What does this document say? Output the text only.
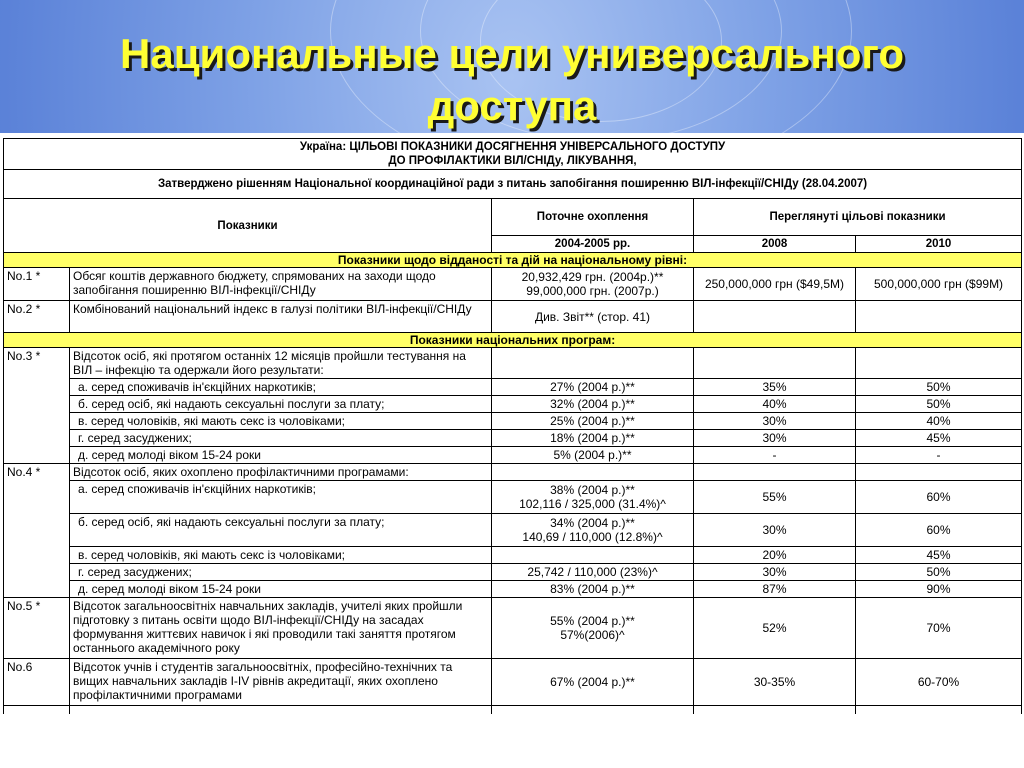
Национальные цели универсального
доступа
Україна: ЦІЛЬОВІ ПОКАЗНИКИ ДОСЯГНЕННЯ УНІВЕРСАЛЬНОГО ДОСТУПУ
ДО ПРОФІЛАКТИКИ ВІЛ/СНІДу, ЛІКУВАННЯ,				

Затверджено рішенням Національної координаційної ради з питань запобігання поширенню ВІЛ-інфекції/СНІДу (28.04.2007)				
Показники		Поточне охоплення	Переглянуті цільові показники	
		2004-2005 рр.	2008	2010
Показники щодо відданості та дій на національному рівні:				
No.1 *	Обсяг коштів державного бюджету, спрямованих на заходи щодо запобігання поширенню ВІЛ-інфекції/СНІДу	20,932,429 грн. (2004р.)**
99,000,000 грн. (2007р.)	250,000,000 грн ($49,5M)	500,000,000 грн ($99M)
No.2 *	Комбінований національний індекс в галузі політики ВІЛ-інфекції/СНІДу	Див. Звіт** (стор. 41)		
Показники національних програм:				
No.3 *	Відсоток осіб, які протягом останніх 12 місяців пройшли тестування на ВІЛ – інфекцію та одержали його результати:			
	а. серед споживачів ін'єкційних наркотиків;	27% (2004 р.)**	35%	50%
	б. серед осіб, які надають сексуальні послуги за плату;	32% (2004 р.)**	40%	50%
	в. серед чоловіків, які мають секс із чоловіками;	25% (2004 р.)**	30%	40%
	г. серед засуджених;	18% (2004 р.)**	30%	45%
	д. серед молоді віком 15-24 роки	5% (2004 р.)**	-	-
No.4 *	Відсоток осіб, яких охоплено профілактичними програмами:			
	а. серед споживачів ін'єкційних наркотиків;	38% (2004 р.)**
102,116 / 325,000 (31.4%)^	55%	60%
	б. серед осіб, які надають сексуальні послуги за плату;	34% (2004 р.)**
140,69 / 110,000 (12.8%)^	30%	60%
	в. серед чоловіків, які мають секс із чоловіками;		20%	45%
	г. серед засуджених;	25,742 / 110,000 (23%)^	30%	50%
	д. серед молоді віком 15-24 роки	83% (2004 р.)**	87%	90%
No.5 *	Відсоток загальноосвітніх навчальних закладів, учителі яких пройшли підготовку з питань освіти щодо ВІЛ-інфекції/СНІДу на засадах формування життєвих навичок і які проводили такі заняття протягом останнього академічного року	55% (2004 р.)**
57%(2006)^	52%	70%
No.6	Відсоток учнів і студентів загальноосвітніх, професійно-технічних та вищих навчальних закладів І-ІV рівнів акредитації, яких охоплено профілактичними програмами	67% (2004 р.)**	30-35%	60-70%
